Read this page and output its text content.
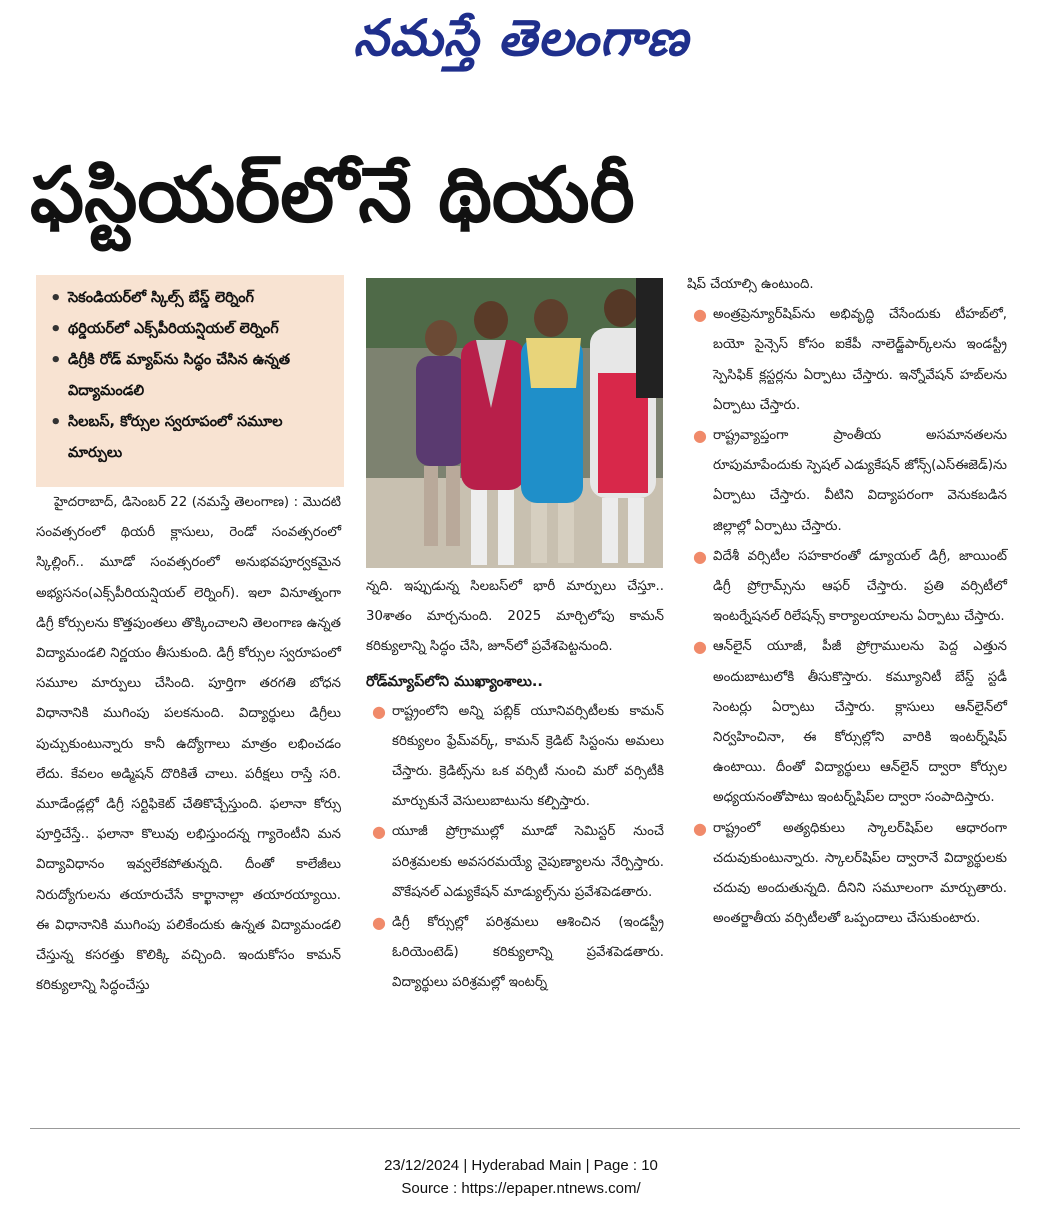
నమస్తే తెలంగాణ
ఫస్టియర్‌లోనే థియరీ
• సెకండియర్‌లో స్కిల్స్ బేస్డ్ లెర్నింగ్
• థర్డియర్‌లో ఎక్స్‌పీరియన్షియల్ లెర్నింగ్
• డిగ్రీకి రోడ్ మ్యాప్‌ను సిద్ధం చేసిన ఉన్నత విద్యామండలి
• సిలబస్, కోర్సుల స్వరూపంలో సమూల మార్పులు

హైదరాబాద్, డిసెంబర్ 22 (నమస్తే తెలంగాణ) : మొదటి సంవత్సరంలో థియరీ క్లాసులు, రెండో సంవత్సరంలో స్కిల్లింగ్.. మూడో సంవత్సరంలో అనుభవపూర్వకమైన అభ్యసనం(ఎక్స్‌పీరియన్షియల్ లెర్నింగ్). ఇలా వినూత్నంగా డిగ్రీ కోర్సులను కొత్తపుంతలు తొక్కించాలని తెలంగాణ ఉన్నత విద్యామండలి నిర్ణయం తీసుకుంది. డిగ్రీ కోర్సుల స్వరూపంలో సమూల మార్పులు చేసింది. పూర్తిగా తరగతి బోధన విధానానికి ముగింపు పలకనుంది. విద్యార్థులు డిగ్రీలు పుచ్చుకుంటున్నారు కానీ ఉద్యోగాలు మాత్రం లభించడం లేదు. కేవలం అడ్మిషన్ దొరికితే చాలు. పరీక్షలు రాస్తే సరి. మూడేండ్లల్లో డిగ్రీ సర్టిఫికెట్ చేతికొచ్చేస్తుంది. ఫలానా కోర్సు పూర్తిచేస్తే.. ఫలానా కొలువు లభిస్తుందన్న గ్యారెంటీని మన విద్యావిధానం ఇవ్వలేకపోతున్నది. దీంతో కాలేజీలు నిరుద్యోగులను తయారుచేసే కార్ఖానాల్లా తయారయ్యాయి. ఈ విధానానికి ముగింపు పలికేందుకు ఉన్నత విద్యామండలి చేస్తున్న కసరత్తు కొలిక్కి వచ్చింది. ఇందుకోసం కామన్ కరిక్యులాన్ని సిద్ధంచేస్తు

న్నది. ఇప్పుడున్న సిలబస్‌లో భారీ మార్పులు చేస్తూ.. 30శాతం మార్చనుంది. 2025 మార్చిలోపు కామన్ కరిక్యులాన్ని సిద్ధం చేసి, జూన్‌లో ప్రవేశపెట్టనుంది.

రోడ్‌మ్యాప్‌లోని ముఖ్యాంశాలు..
● రాష్ట్రంలోని అన్ని పబ్లిక్ యూనివర్సిటీలకు కామన్ కరిక్యులం ఫ్రేమ్‌వర్క్, కామన్ క్రెడిట్ సిస్టంను అమలు చేస్తారు. క్రెడిట్స్‌ను ఒక వర్సిటీ నుంచి మరో వర్సిటీకి మార్చుకునే వెసులుబాటును కల్పిస్తారు.
● యూజీ ప్రోగ్రాముల్లో మూడో సెమిస్టర్ నుంచే పరిశ్రమలకు అవసరమయ్యే నైపుణ్యాలను నేర్పిస్తారు. వొకేషనల్ ఎడ్యుకేషన్ మాడ్యుల్స్‌ను ప్రవేశపెడతారు.
● డిగ్రీ కోర్సుల్లో పరిశ్రమలు ఆశించిన (ఇండస్ట్రీ ఓరియెంటెడ్) కరిక్యులాన్ని ప్రవేశపెడతారు. విద్యార్థులు పరిశ్రమల్లో ఇంటర్న్

షిప్ చేయాల్సి ఉంటుంది.

● అంత్రప్రెన్యూర్‌షిప్‌ను అభివృద్ధి చేసేందుకు టీహబ్‌లో, బయో సైన్సెస్ కోసం ఐకేపీ నాలెడ్జ్‌పార్క్‌లను ఇండస్ట్రీ స్పెసిఫిక్ క్లస్టర్లను ఏర్పాటు చేస్తారు. ఇన్నోవేషన్ హబ్‌లను ఏర్పాటు చేస్తారు.
● రాష్ట్రవ్యాప్తంగా ప్రాంతీయ అసమానతలను రూపుమాపేందుకు స్పెషల్ ఎడ్యుకేషన్ జోన్స్(ఎస్ఈజెడ్)ను ఏర్పాటు చేస్తారు. వీటిని విద్యాపరంగా వెనుకబడిన జిల్లాల్లో ఏర్పాటు చేస్తారు.
● విదేశీ వర్సిటీల సహకారంతో డ్యూయల్ డిగ్రీ, జాయింట్ డిగ్రీ ప్రోగ్రామ్స్‌ను ఆఫర్ చేస్తారు. ప్రతి వర్సిటీలో ఇంటర్నేషనల్ రిలేషన్స్ కార్యాలయాలను ఏర్పాటు చేస్తారు.
● ఆన్‌లైన్ యూజీ, పీజీ ప్రోగ్రాములను పెద్ద ఎత్తున అందుబాటులోకి తీసుకొస్తారు. కమ్యూనిటీ బేస్డ్ స్టడీ సెంటర్లు ఏర్పాటు చేస్తారు. క్లాసులు ఆన్‌లైన్‌లో నిర్వహించినా, ఈ కోర్సుల్లోని వారికి ఇంటర్న్‌షిప్ ఉంటాయి. దీంతో విద్యార్థులు ఆన్‌లైన్ ద్వారా కోర్సుల అధ్యయనంతోపాటు ఇంటర్న్‌షిప్‌ల ద్వారా సంపాదిస్తారు.
● రాష్ట్రంలో అత్యధికులు స్కాలర్‌షిప్‌ల ఆధారంగా చదువుకుంటున్నారు. స్కాలర్‌షిప్‌ల ద్వారానే విద్యార్థులకు చదువు అందుతున్నది. దీనిని సమూలంగా మార్చుతారు. అంతర్జాతీయ వర్సిటీలతో ఒప్పందాలు చేసుకుంటారు.
23/12/2024 | Hyderabad Main | Page : 10
Source : https://epaper.ntnews.com/
